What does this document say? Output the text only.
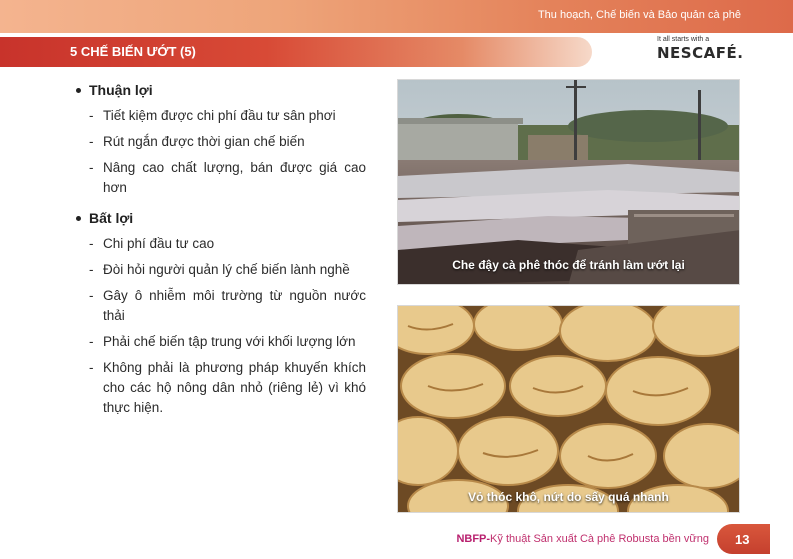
Thu hoạch, Chế biến và Bảo quản cà phê
5 CHẾ BIẾN ƯỚT (5)
It all starts with a
NESCAFÉ.
Thuận lợi
- Tiết kiệm được chi phí đầu tư sân phơi
- Rút ngắn được thời gian chế biến
- Nâng cao chất lượng, bán được giá cao hơn
Bất lợi
- Chi phí đầu tư cao
- Đòi hỏi người quản lý chế biến lành nghề
- Gây ô nhiễm môi trường từ nguồn nước thải
- Phải chế biến tập trung với khối lượng lớn
- Không phải là phương pháp khuyến khích cho các hộ nông dân nhỏ (riêng lẻ) vì khó thực hiện.
Che đậy cà phê thóc để tránh làm ướt lại
Vỏ thóc khô, nứt do sấy quá nhanh
NBFP-Kỹ thuật Sản xuất Cà phê Robusta bền vững 13
